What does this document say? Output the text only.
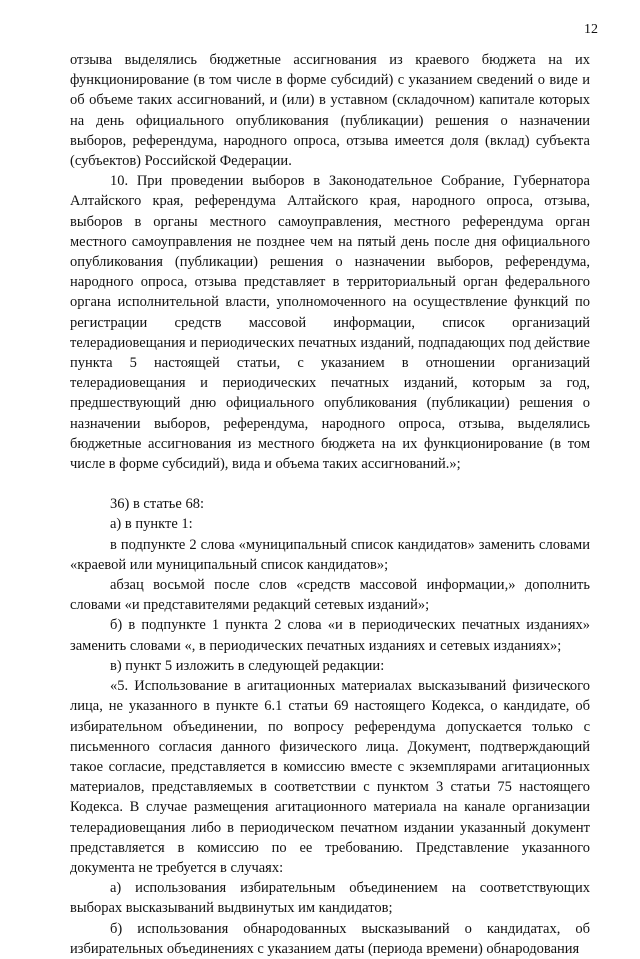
12

отзыва выделялись бюджетные ассигнования из краевого бюджета на их функционирование (в том числе в форме субсидий) с указанием сведений о виде и об объеме таких ассигнований, и (или) в уставном (складочном) капитале которых на день официального опубликования (публикации) решения о назначении выборов, референдума, народного опроса, отзыва имеется доля (вклад) субъекта (субъектов) Российской Федерации.

10. При проведении выборов в Законодательное Собрание, Губернатора Алтайского края, референдума Алтайского края, народного опроса, отзыва, выборов в органы местного самоуправления, местного референдума орган местного самоуправления не позднее чем на пятый день после дня официального опубликования (публикации) решения о назначении выборов, референдума, народного опроса, отзыва представляет в территориальный орган федерального органа исполнительной власти, уполномоченного на осуществление функций по регистрации средств массовой информации, список организаций телерадиовещания и периодических печатных изданий, подпадающих под действие пункта 5 настоящей статьи, с указанием в отношении организаций телерадиовещания и периодических печатных изданий, которым за год, предшествующий дню официального опубликования (публикации) решения о назначении выборов, референдума, народного опроса, отзыва, выделялись бюджетные ассигнования из местного бюджета на их функционирование (в том числе в форме субсидий), вида и объема таких ассигнований.»;

36) в статье 68:

а) в пункте 1:

в подпункте 2 слова «муниципальный список кандидатов» заменить словами «краевой или муниципальный список кандидатов»;

абзац восьмой после слов «средств массовой информации,» дополнить словами «и представителями редакций сетевых изданий»;

б) в подпункте 1 пункта 2 слова «и в периодических печатных изданиях» заменить словами «, в периодических печатных изданиях и сетевых изданиях»;

в) пункт 5 изложить в следующей редакции:

«5. Использование в агитационных материалах высказываний физического лица, не указанного в пункте 6.1 статьи 69 настоящего Кодекса, о кандидате, об избирательном объединении, по вопросу референдума допускается только с письменного согласия данного физического лица. Документ, подтверждающий такое согласие, представляется в комиссию вместе с экземплярами агитационных материалов, представляемых в соответствии с пунктом 3 статьи 75 настоящего Кодекса. В случае размещения агитационного материала на канале организации телерадиовещания либо в периодическом печатном издании указанный документ представляется в комиссию по ее требованию. Представление указанного документа не требуется в случаях:

а) использования избирательным объединением на соответствующих выборах высказываний выдвинутых им кандидатов;

б) использования обнародованных высказываний о кандидатах, об избирательных объединениях с указанием даты (периода времени) обнародования
